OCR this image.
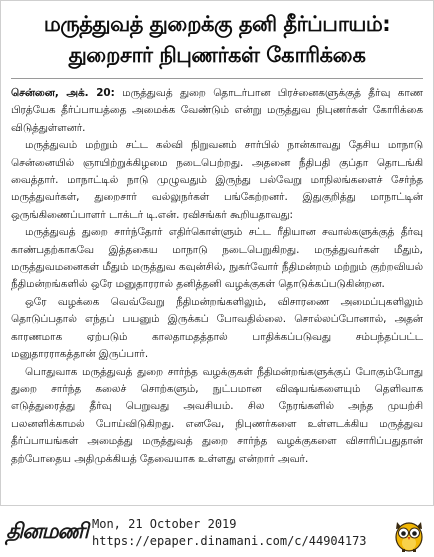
மருத்துவத் துறைக்கு தனி தீர்ப்பாயம்:
துறைசார் நிபுணர்கள் கோரிக்கை

சென்னை, அக். 20: மருத்துவத் துறை தொடர்பான பிரச்னைகளுக்குத் தீர்வு காண பிரத்யேக தீர்ப்பாயத்தை அமைக்க வேண்டும் என்று மருத்துவ நிபுணர்கள் கோரிக்கை விடுத்துள்ளனர்.

மருத்துவம் மற்றும் சட்ட கல்வி நிறுவனம் சார்பில் நான்காவது தேசிய மாநாடு சென்னையில் ஞாயிற்றுக்கிழமை நடைபெற்றது. அதனை நீதிபதி குப்தா தொடங்கி வைத்தார். மாநாட்டில் நாடு முழுவதும் இருந்து பல்வேறு மாநிலங்களைச் சேர்ந்த மருத்துவர்கள், துறைசார் வல்லுநர்கள் பங்கேற்றனர். இதுகுறித்து மாநாட்டின் ஒருங்கிணைப்பாளர் டாக்டர் டி.என். ரவிசங்கர் கூறியதாவது:

மருத்துவத் துறை சார்ந்தோர் எதிர்கொள்ளும் சட்ட ரீதியான சவால்களுக்குத் தீர்வு காண்பதற்காகவே இத்தகைய மாநாடு நடைபெறுகிறது. மருத்துவர்கள் மீதும், மருத்துவமனைகள் மீதும் மருத்துவ கவுன்சில், நுகர்வோர் நீதிமன்றம் மற்றும் குற்றவியல் நீதிமன்றங்களில் ஒரே மனுதாரரால் தனித்தனி வழக்குகள் தொடுக்கப்படுகின்றன.

ஒரே வழக்கை வெவ்வேறு நீதிமன்றங்களிலும், விசாரணை அமைப்புகளிலும் தொடுப்பதால் எந்தப் பயனும் இருக்கப் போவதில்லை. சொல்லப்போனால், அதன் காரணமாக ஏற்படும் காலதாமதத்தால் பாதிக்கப்படுவது சம்பந்தப்பட்ட மனுதாரராகத்தான் இருப்பார்.

பொதுவாக மருத்துவத் துறை சார்ந்த வழக்குகள் நீதிமன்றங்களுக்குப் போகும்போது துறை சார்ந்த கலைச் சொற்களும், நுட்பமான விஷயங்களையும் தெளிவாக எடுத்துரைத்து தீர்வு பெறுவது அவசியம். சில நேரங்களில் அந்த முயற்சி பலனளிக்காமல் போய்விடுகிறது. எனவே, நிபுணர்களை உள்ளடக்கிய மருத்துவ தீர்ப்பாயங்கள் அமைத்து மருத்துவத் துறை சார்ந்த வழக்குகளை விசாரிப்பதுதான் தற்போதைய அதிமுக்கியத் தேவையாக உள்ளது என்றார் அவர்.

தினமணி Mon, 21 October 2019
https://epaper.dinamani.com/c/44904173
